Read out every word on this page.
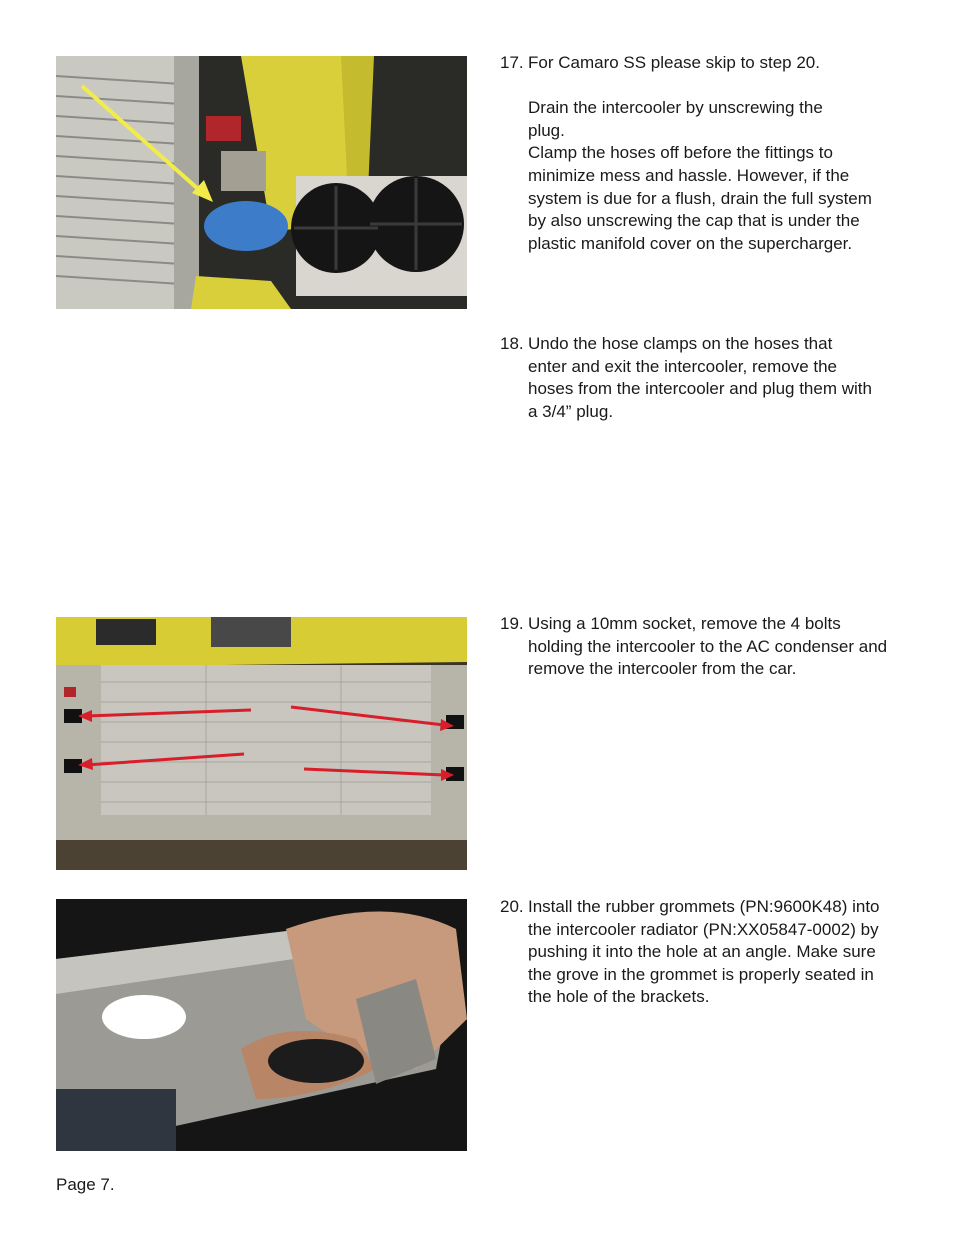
17. For Camaro SS please skip to step 20.

Drain the intercooler by unscrewing the plug.

Clamp the hoses off before the fittings to minimize mess and hassle. However, if the system is due for a flush, drain the full system by also unscrewing the cap that is under the plastic manifold cover on the supercharger.

18. Undo the hose clamps on the hoses that enter and exit the intercooler, remove the hoses from the intercooler and plug them with a 3/4” plug.

19. Using a 10mm socket, remove the 4 bolts holding the intercooler to the AC condenser and remove the intercooler from the car.

20. Install the rubber grommets (PN:9600K48) into the intercooler radiator (PN:XX05847-0002) by pushing it into the hole at an angle. Make sure the grove in the grommet is properly seated in the hole of the brackets.

Page 7.
